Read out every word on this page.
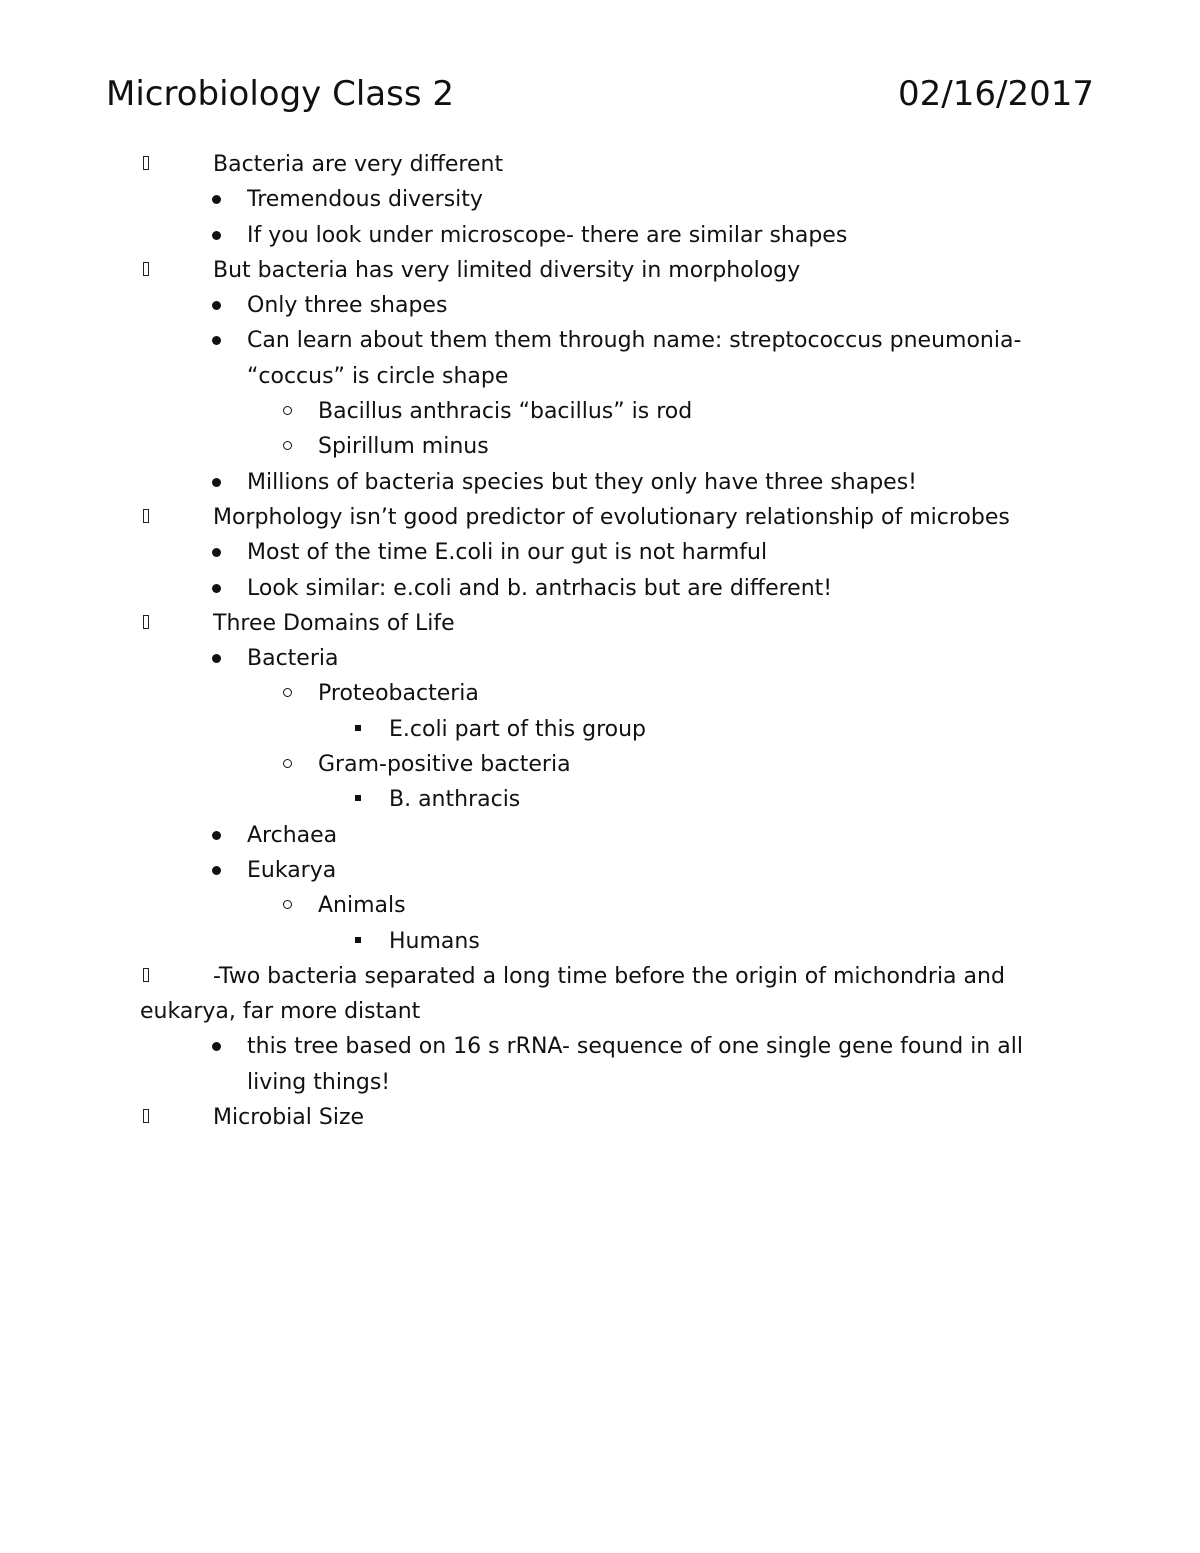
Microbiology Class 2	02/16/2017
Bacteria are very different
Tremendous diversity
If you look under microscope- there are similar shapes
But bacteria has very limited diversity in morphology
Only three shapes
Can learn about them them through name: streptococcus pneumonia- “coccus” is circle shape
Bacillus anthracis “bacillus” is rod
Spirillum minus
Millions of bacteria species but they only have three shapes!
Morphology isn’t good predictor of evolutionary relationship of microbes
Most of the time E.coli in our gut is not harmful
Look similar: e.coli and b. antrhacis but are different!
Three Domains of Life
Bacteria
Proteobacteria
E.coli part of this group
Gram-positive bacteria
B. anthracis
Archaea
Eukarya
Animals
Humans
-Two bacteria separated a long time before the origin of michondria and eukarya, far more distant
this tree based on 16 s rRNA- sequence of one single gene found in all living things!
Microbial Size
